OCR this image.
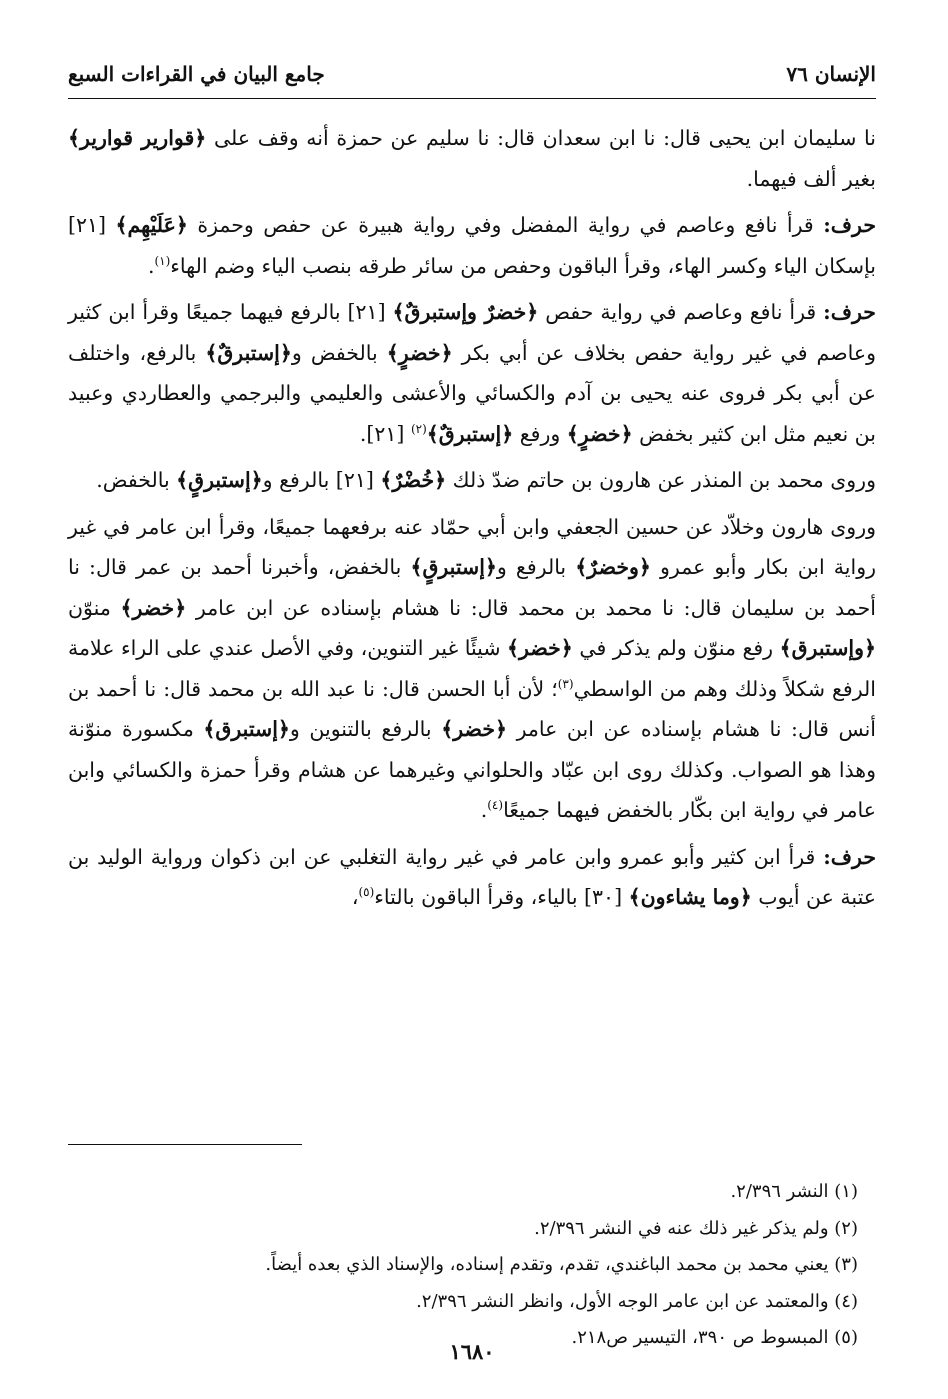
الإنسان ٧٦
جامع البيان في القراءات السبع

نا سليمان ابن يحيى قال: نا ابن سعدان قال: نا سليم عن حمزة أنه وقف على ﴿قوارير قوارير﴾ بغير ألف فيهما.

حرف: قرأ نافع وعاصم في رواية المفضل وفي رواية هبيرة عن حفص وحمزة ﴿عَلَيْهِم﴾ [٢١] بإسكان الياء وكسر الهاء، وقرأ الباقون وحفص من سائر طرقه بنصب الياء وضم الهاء$^{(١)}$.

حرف: قرأ نافع وعاصم في رواية حفص ﴿خضرٌ وإستبرقٌ﴾ [٢١] بالرفع فيهما جميعًا وقرأ ابن كثير وعاصم في غير رواية حفص بخلاف عن أبي بكر ﴿خضرٍ﴾ بالخفض و﴿إستبرقٌ﴾ بالرفع، واختلف عن أبي بكر فروى عنه يحيى بن آدم والكسائي والأعشى والعليمي والبرجمي والعطاردي وعبيد بن نعيم مثل ابن كثير بخفض ﴿خضرٍ﴾ ورفع ﴿إستبرقٌ﴾$^{(٢)}$ [٢١].

وروى محمد بن المنذر عن هارون بن حاتم ضدّ ذلك ﴿خُضْرٌ﴾ [٢١] بالرفع و﴿إستبرقٍ﴾ بالخفض.

وروى هارون وخلاّد عن حسين الجعفي وابن أبي حمّاد عنه برفعهما جميعًا، وقرأ ابن عامر في غير رواية ابن بكار وأبو عمرو ﴿وخضرٌ﴾ بالرفع و﴿إستبرقٍ﴾ بالخفض، وأخبرنا أحمد بن عمر قال: نا أحمد بن سليمان قال: نا محمد بن محمد قال: نا هشام بإسناده عن ابن عامر ﴿خضر﴾ منوّن ﴿وإستبرق﴾ رفع منوّن ولم يذكر في ﴿خضر﴾ شيئًا غير التنوين، وفي الأصل عندي على الراء علامة الرفع شكلاً وذلك وهم من الواسطي$^{(٣)}$؛ لأن أبا الحسن قال: نا عبد الله بن محمد قال: نا أحمد بن أنس قال: نا هشام بإسناده عن ابن عامر ﴿خضر﴾ بالرفع بالتنوين و﴿إستبرق﴾ مكسورة منوّنة وهذا هو الصواب. وكذلك روى ابن عبّاد والحلواني وغيرهما عن هشام وقرأ حمزة والكسائي وابن عامر في رواية ابن بكّار بالخفض فيهما جميعًا$^{(٤)}$.

حرف: قرأ ابن كثير وأبو عمرو وابن عامر في غير رواية التغلبي عن ابن ذكوان ورواية الوليد بن عتبة عن أيوب ﴿وما يشاءون﴾ [٣٠] بالياء، وقرأ الباقون بالتاء$^{(٥)}$،

(١) النشر ٢/٣٩٦.

(٢) ولم يذكر غير ذلك عنه في النشر ٢/٣٩٦.

(٣) يعني محمد بن محمد الباغندي، تقدم، وتقدم إسناده، والإسناد الذي بعده أيضاً.

(٤) والمعتمد عن ابن عامر الوجه الأول، وانظر النشر ٢/٣٩٦.

(٥) المبسوط ص ٣٩٠، التيسير ص٢١٨.

١٦٨٠
